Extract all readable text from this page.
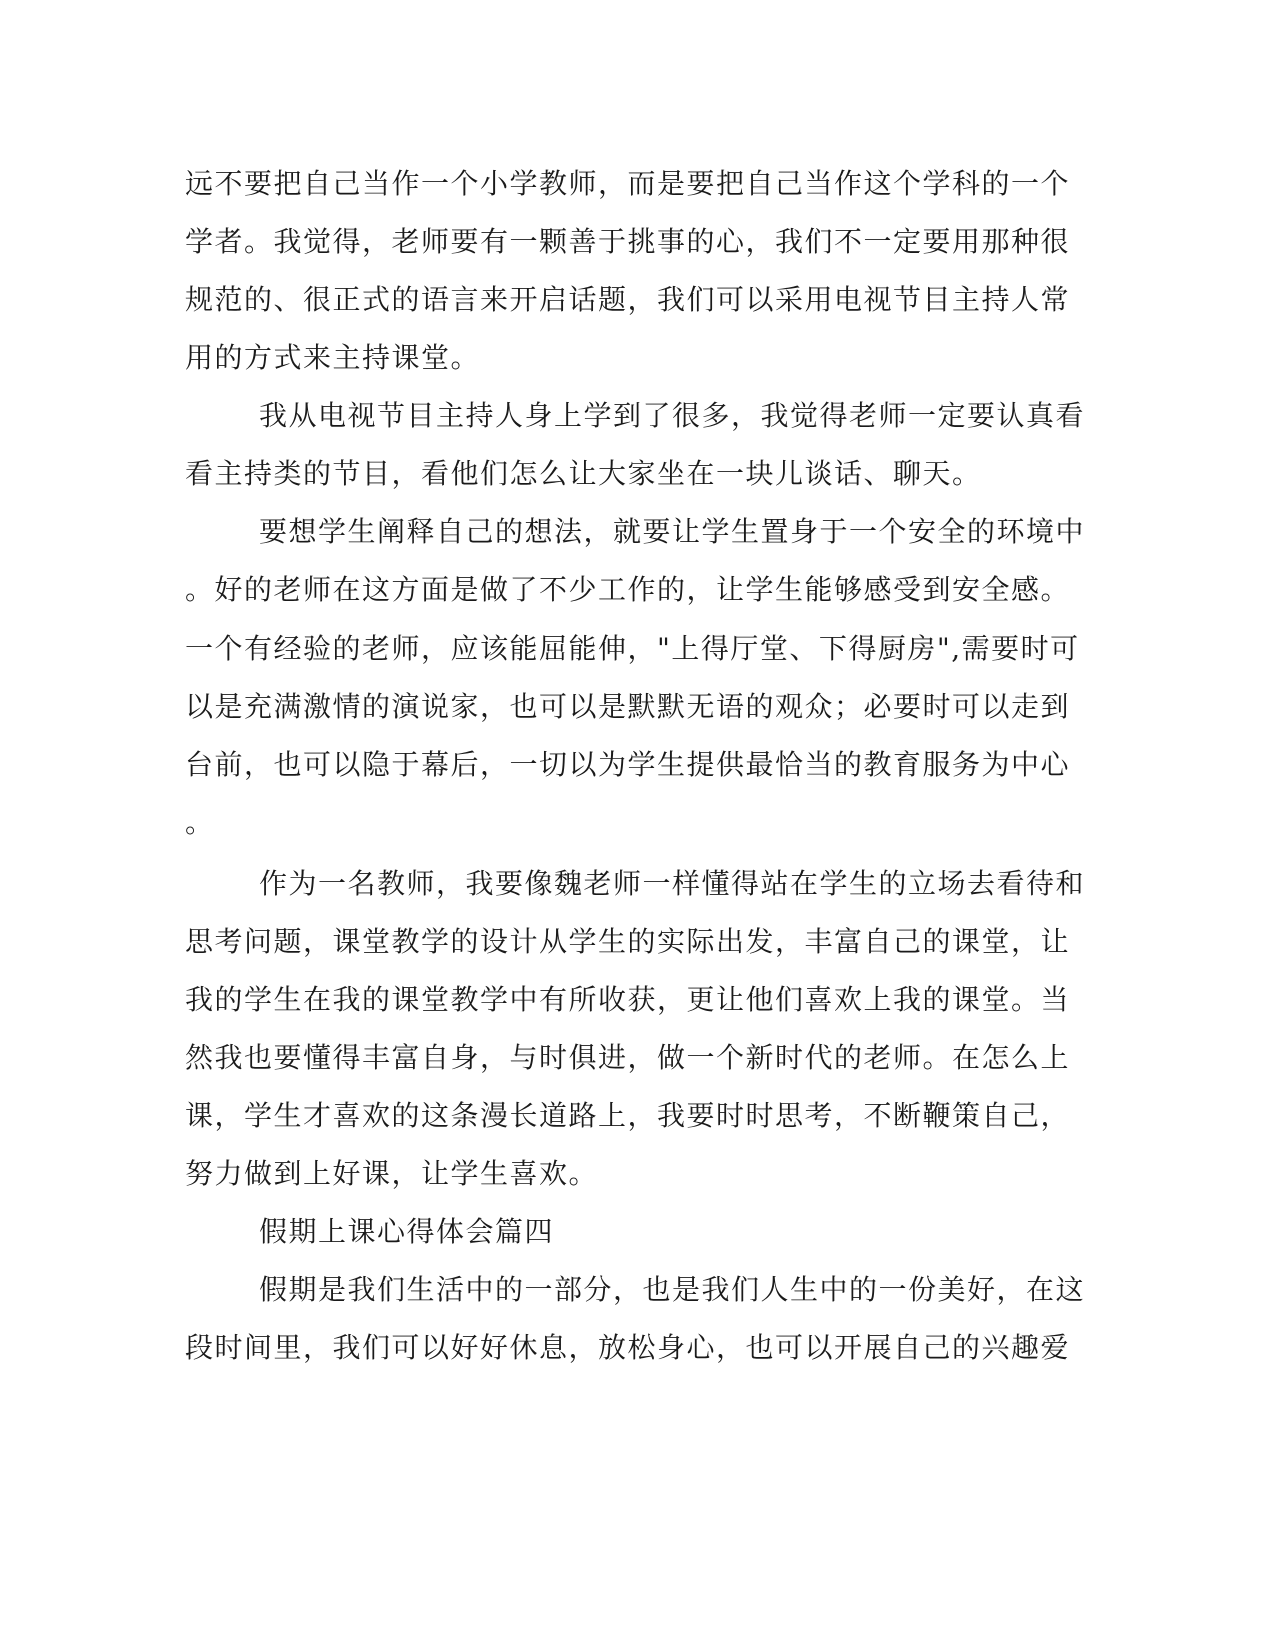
远不要把自己当作一个小学教师，而是要把自己当作这个学科的一个
学者。我觉得，老师要有一颗善于挑事的心，我们不一定要用那种很
规范的、很正式的语言来开启话题，我们可以采用电视节目主持人常
用的方式来主持课堂。
我从电视节目主持人身上学到了很多，我觉得老师一定要认真看
看主持类的节目，看他们怎么让大家坐在一块儿谈话、聊天。
要想学生阐释自己的想法，就要让学生置身于一个安全的环境中
。好的老师在这方面是做了不少工作的，让学生能够感受到安全感。
一个有经验的老师，应该能屈能伸，"上得厅堂、下得厨房",需要时可
以是充满激情的演说家，也可以是默默无语的观众；必要时可以走到
台前，也可以隐于幕后，一切以为学生提供最恰当的教育服务为中心
。
作为一名教师，我要像魏老师一样懂得站在学生的立场去看待和
思考问题，课堂教学的设计从学生的实际出发，丰富自己的课堂，让
我的学生在我的课堂教学中有所收获，更让他们喜欢上我的课堂。当
然我也要懂得丰富自身，与时俱进，做一个新时代的老师。在怎么上
课，学生才喜欢的这条漫长道路上，我要时时思考，不断鞭策自己，
努力做到上好课，让学生喜欢。
假期上课心得体会篇四
假期是我们生活中的一部分，也是我们人生中的一份美好，在这
段时间里，我们可以好好休息，放松身心，也可以开展自己的兴趣爱
